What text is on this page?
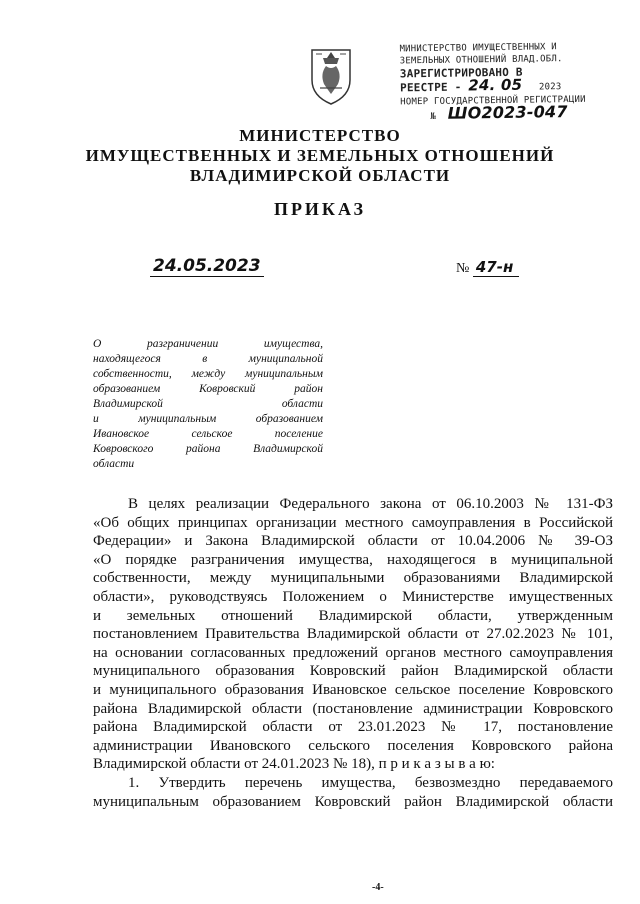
МИНИСТЕРСТВО ИМУЩЕСТВЕННЫХ И
ЗЕМЕЛЬНЫХ ОТНОШЕНИЙ ВЛАД.ОБЛ.
ЗАРЕГИСТРИРОВАНО В
РЕЕСТРЕ - 24. 05 2023
НОМЕР ГОСУДАРСТВЕННОЙ РЕГИСТРАЦИИ
№ ШО2023-047
МИНИСТЕРСТВО
ИМУЩЕСТВЕННЫХ И ЗЕМЕЛЬНЫХ ОТНОШЕНИЙ
ВЛАДИМИРСКОЙ ОБЛАСТИ
ПРИКАЗ
24.05.2023	№ 47-н
О разграничении имущества,
находящегося в муниципальной
собственности, между муниципальным
образованием Ковровский район
Владимирской области
и муниципальным образованием
Ивановское сельское поселение
Ковровского района Владимирской
области
В целях реализации Федерального закона от 06.10.2003 № 131-ФЗ
«Об общих принципах организации местного самоуправления в Российской
Федерации» и Закона Владимирской области от 10.04.2006 № 39-ОЗ
«О порядке разграничения имущества, находящегося в муниципальной
собственности, между муниципальными образованиями Владимирской
области», руководствуясь Положением о Министерстве имущественных
и земельных отношений Владимирской области, утвержденным
постановлением Правительства Владимирской области от 27.02.2023 № 101,
на основании согласованных предложений органов местного самоуправления
муниципального образования Ковровский район Владимирской области
и муниципального образования Ивановское сельское поселение Ковровского
района Владимирской области (постановление администрации Ковровского
района Владимирской области от 23.01.2023 № 17, постановление
администрации Ивановского сельского поселения Ковровского района
Владимирской области от 24.01.2023 № 18), п р и к а з ы в а ю:
1. Утвердить перечень имущества, безвозмездно передаваемого
муниципальным образованием Ковровский район Владимирской области
-4-
